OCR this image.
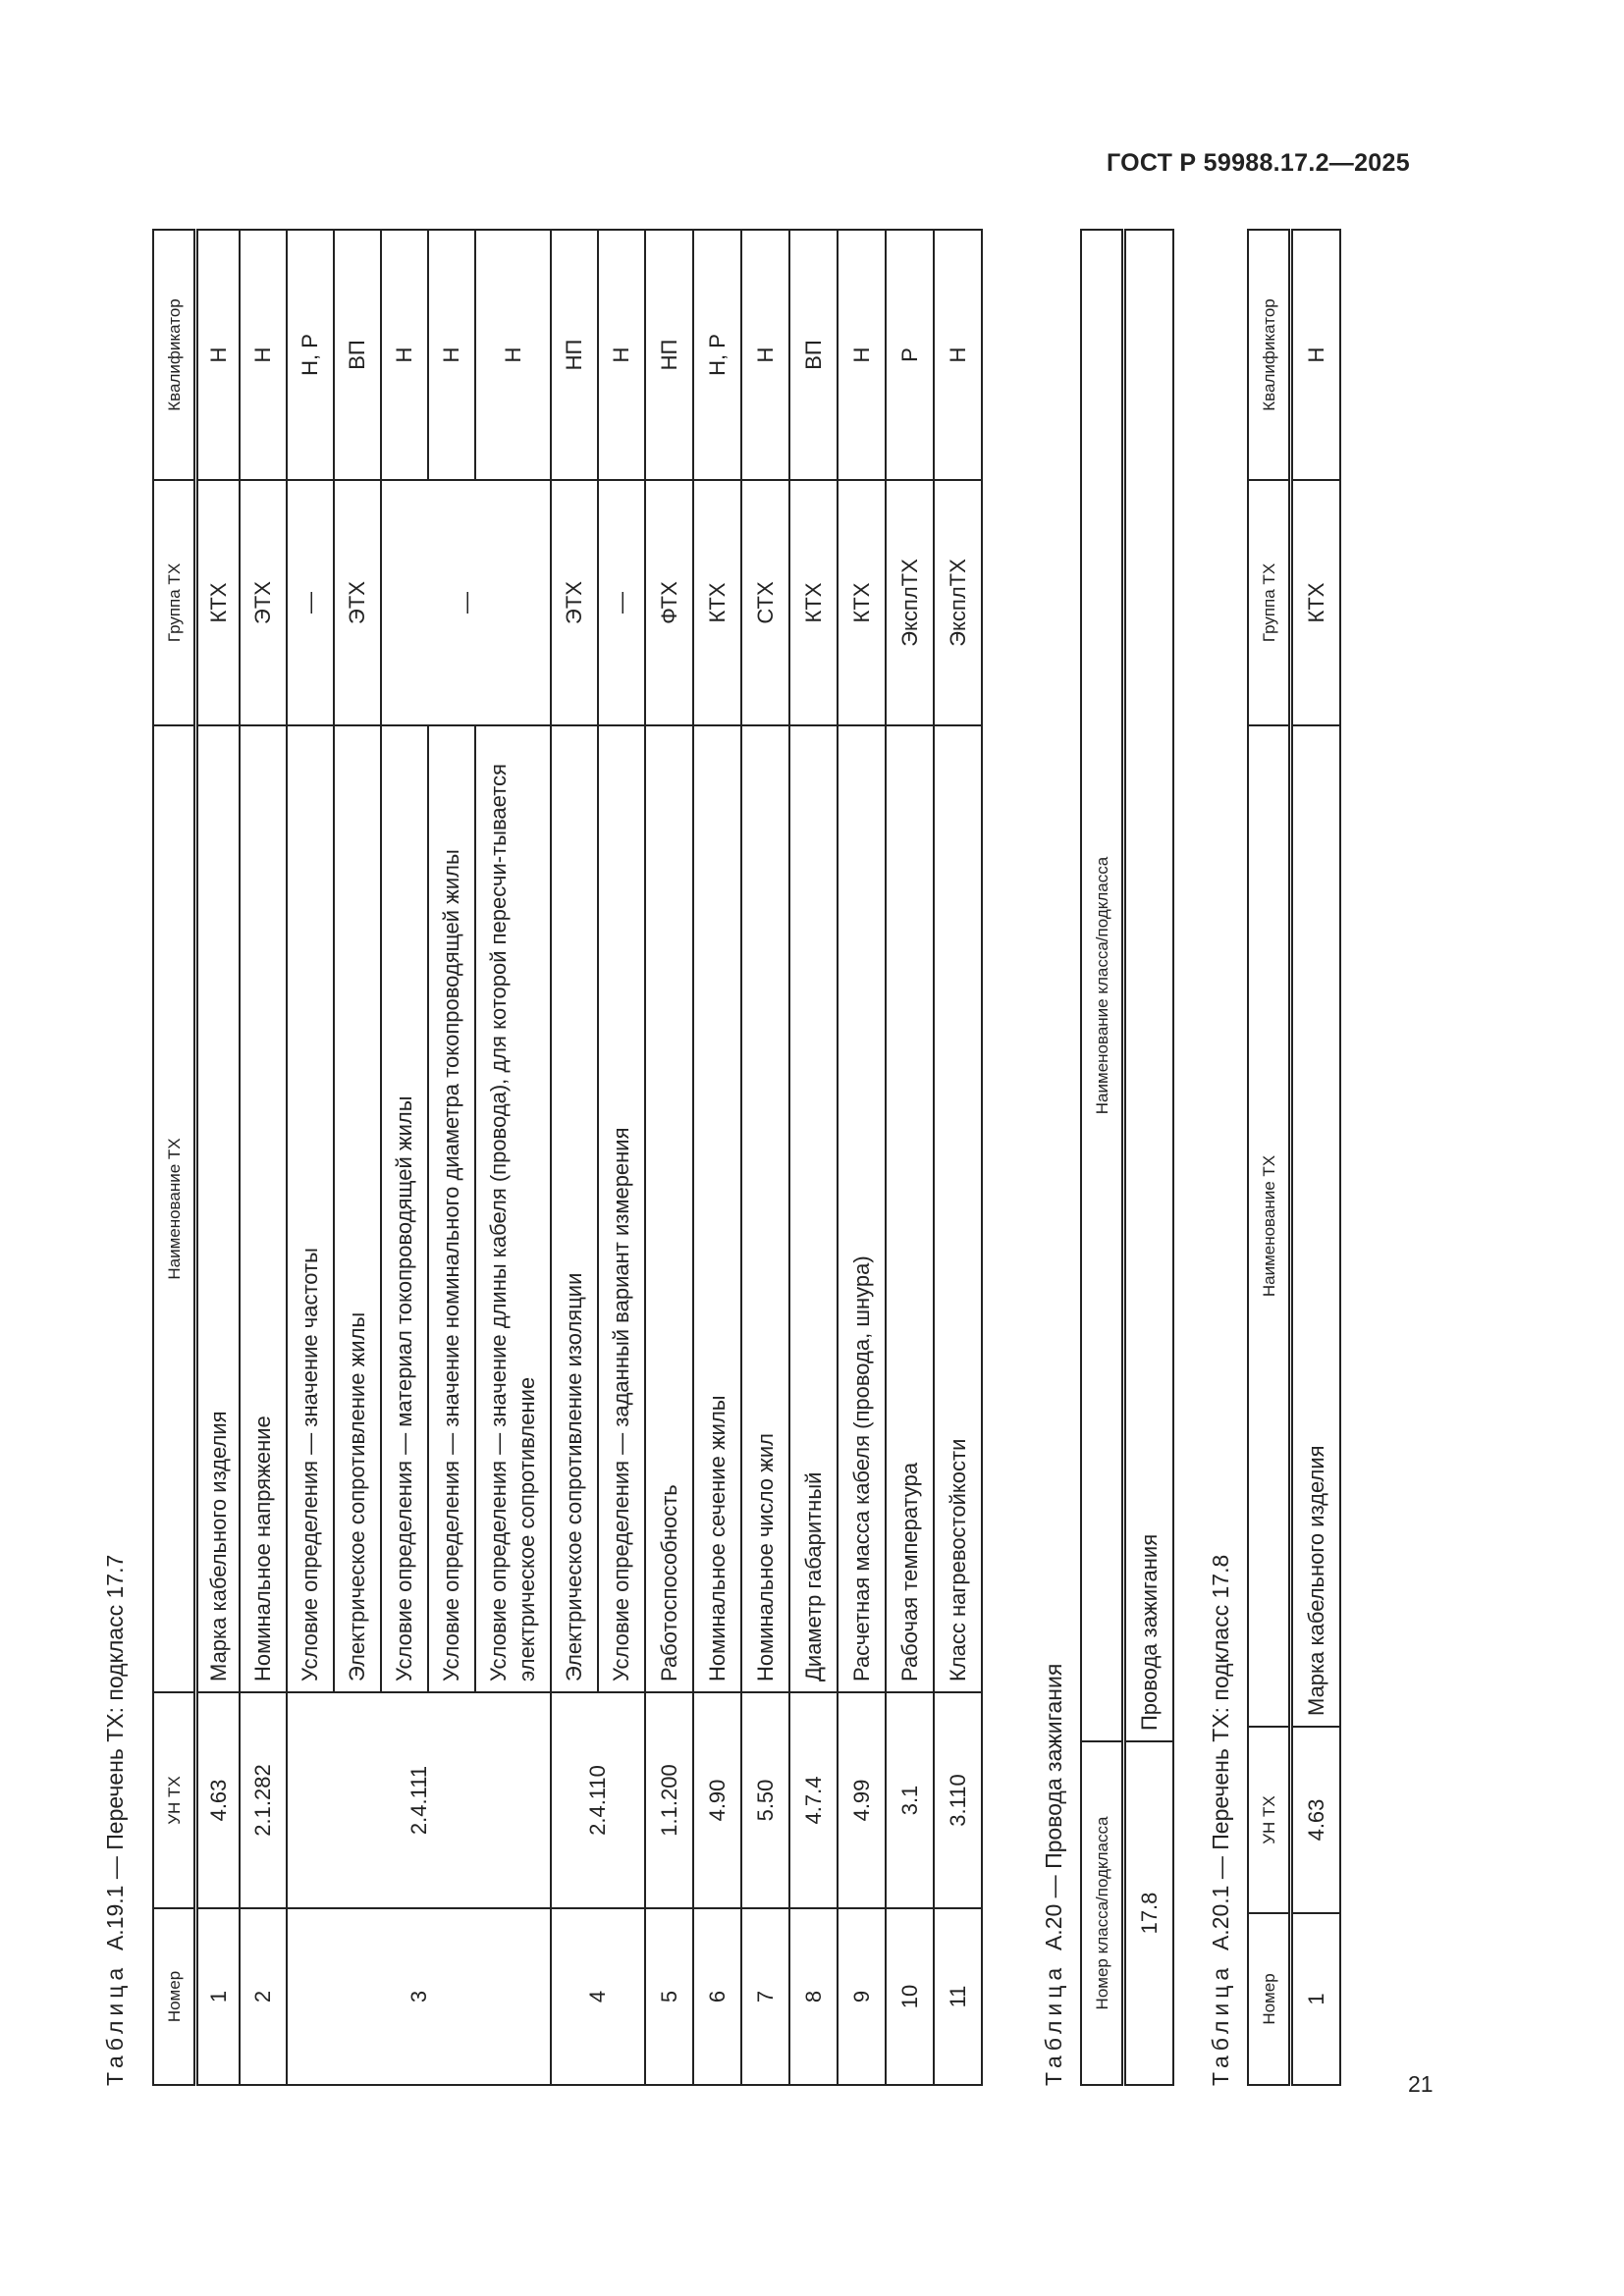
ГОСТ Р 59988.17.2—2025
21
Таблица  А.19.1 — Перечень ТХ: подкласс 17.7
Номер	УН ТХ	Наименование ТХ	Группа ТХ	Квалификатор
1	4.63	Марка кабельного изделия	КТХ	Н
2	2.1.282	Номинальное напряжение	ЭТХ	Н
3	2.4.111	Условие определения — значение частоты	—	Н, Р
		Электрическое сопротивление жилы	ЭТХ	ВП
		Условие определения — материал токопроводящей жилы	—	Н
		Условие определения — значение номинального диаметра токопроводящей жилы		Н
		Условие определения — значение длины кабеля (провода), для которой пересчи-тывается электрическое сопротивление		Н
4	2.4.110	Электрическое сопротивление изоляции	ЭТХ	НП
		Условие определения — заданный вариант измерения	—	Н
5	1.1.200	Работоспособность	ФТХ	НП
6	4.90	Номинальное сечение жилы	КТХ	Н, Р
7	5.50	Номинальное число жил	СТХ	Н
8	4.7.4	Диаметр габаритный	КТХ	ВП
9	4.99	Расчетная масса кабеля (провода, шнура)	КТХ	Н
10	3.1	Рабочая температура	ЭксплТХ	Р
11	3.110	Класс нагревостойкости	ЭксплТХ	Н
Таблица  А.20 — Провода зажигания Номер класса/подкласса	Наименование класса/подкласса
17.8	Провода зажигания
Таблица  А.20.1 — Перечень ТХ: подкласс 17.8
Номер	УН ТХ	Наименование ТХ	Группа ТХ	Квалификатор
1	4.63	Марка кабельного изделия	КТХ	Н
